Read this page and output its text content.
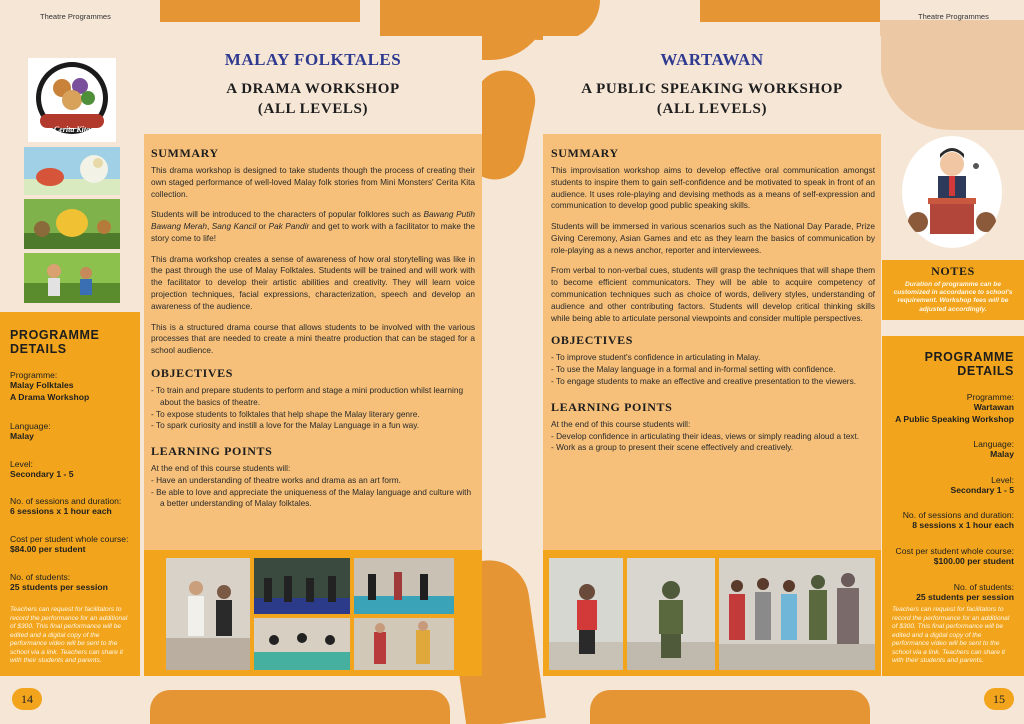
Theatre Programmes	Theatre Programmes
Cerita Kita
PROGRAMME DETAILS
Programme:
Malay Folktales
A Drama Workshop
Language:
Malay
Level:
Secondary 1 - 5
No. of sessions and duration:
6 sessions x 1 hour each
Cost per student whole course:
$84.00 per student
No. of students:
25 students per session
Teachers can request for facilitators to record the performance for an additional of $300. This final performance will be edited and a digital copy of the performance video will be sent to the school via a link. Teachers can share it with their students and parents.
14
MALAY FOLKTALES
A DRAMA WORKSHOP
(ALL LEVELS)
SUMMARY
This drama workshop is designed to take students though the process of creating their own staged performance of well-loved Malay folk stories from Mini Monsters' Cerita Kita collection.
Students will be introduced to the characters of popular folklores such as Bawang Putih Bawang Merah, Sang Kancil or Pak Pandir and get to work with a facilitator to make the story come to life!
This drama workshop creates a sense of awareness of how oral storytelling was like in the past through the use of Malay Folktales. Students will be trained and will work with the facilitator to develop their artistic abilities and creativity. They will learn voice projection techniques, facial expressions, characterization, speech and develop an awareness of the audience.
This is a structured drama course that allows students to be involved with the various processes that are needed to create a mini theatre production that can be staged for a school audience.
OBJECTIVES
- To train and prepare students to perform and stage a mini production whilst learning about the basics of theatre.
- To expose students to folktales that help shape the Malay literary genre.
- To spark curiosity and instill a love for the Malay Language in a fun way.
LEARNING POINTS
At the end of this course students will:
- Have an understanding of theatre works and drama as an art form.
- Be able to love and appreciate the uniqueness of the Malay language and culture with a better understanding of Malay folktales.
WARTAWAN
A PUBLIC SPEAKING WORKSHOP
(ALL LEVELS)
SUMMARY
This improvisation workshop aims to develop effective oral communication amongst students to inspire them to gain self-confidence and be motivated to speak in front of an audience. It uses role-playing and devising methods as a means of self-expression and communication to develop good public speaking skills.
Students will be immersed in various scenarios such as the National Day Parade, Prize Giving Ceremony, Asian Games and etc as they learn the basics of communication by role-playing as a news anchor, reporter and interviewees.
From verbal to non-verbal cues, students will grasp the techniques that will shape them to become efficient communicators. They will be able to acquire competency of communication techniques such as choice of words, delivery styles, understanding of audience and other contributing factors. Students will develop critical thinking skills while being able to articulate personal viewpoints and consider multiple perspectives.
OBJECTIVES
- To improve student's confidence in articulating in Malay.
- To use the Malay language in a formal and in-formal setting with confidence.
- To engage students to make an effective and creative presentation to the viewers.
LEARNING POINTS
At the end of this course students will:
- Develop confidence in articulating their ideas, views or simply reading aloud a text.
- Work as a group to present their scene effectively and creatively.
NOTES
Duration of programme can be customized in accordance to school's requirement. Workshop fees will be adjusted accordingly.
PROGRAMME DETAILS
Programme:
Wartawan
A Public Speaking Workshop
Language:
Malay
Level:
Secondary 1 - 5
No. of sessions and duration:
8 sessions x 1 hour each
Cost per student whole course:
$100.00 per student
No. of students:
25 students per session
Teachers can request for facilitators to record the performance for an additional of $300. This final performance will be edited and a digital copy of the performance video will be sent to the school via a link. Teachers can share it with their students and parents.
15
